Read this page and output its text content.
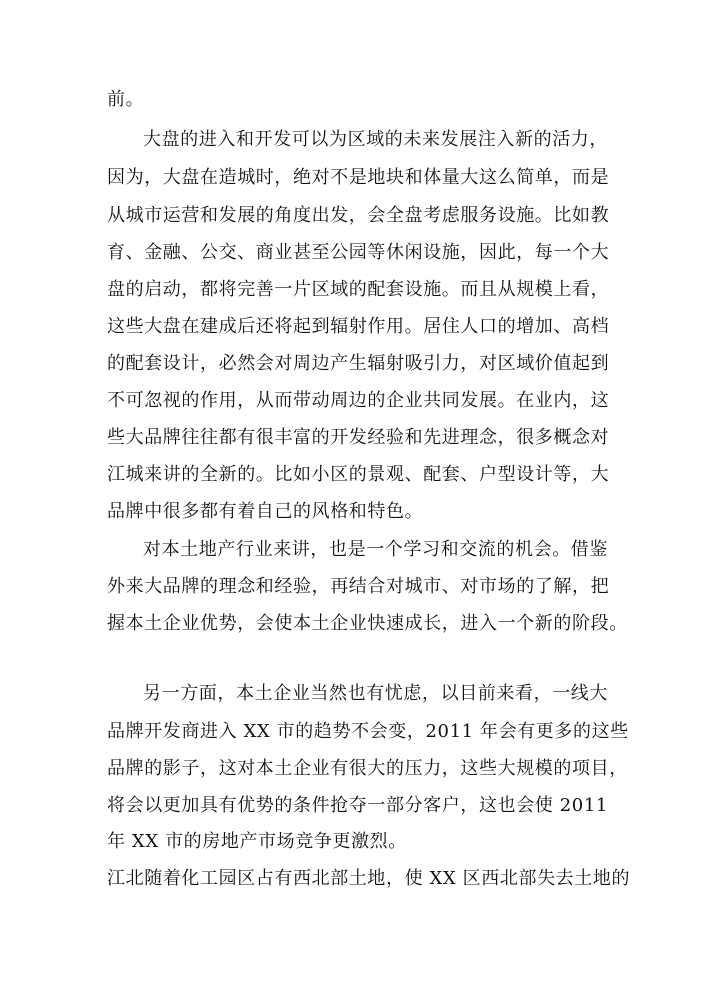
前。
大盘的进入和开发可以为区域的未来发展注入新的活力，
因为，大盘在造城时，绝对不是地块和体量大这么简单，而是
从城市运营和发展的角度出发，会全盘考虑服务设施。比如教
育、金融、公交、商业甚至公园等休闲设施，因此，每一个大
盘的启动，都将完善一片区域的配套设施。而且从规模上看，
这些大盘在建成后还将起到辐射作用。居住人口的增加、高档
的配套设计，必然会对周边产生辐射吸引力，对区域价值起到
不可忽视的作用，从而带动周边的企业共同发展。在业内，这
些大品牌往往都有很丰富的开发经验和先进理念，很多概念对
江城来讲的全新的。比如小区的景观、配套、户型设计等，大
品牌中很多都有着自己的风格和特色。
对本土地产行业来讲，也是一个学习和交流的机会。借鉴
外来大品牌的理念和经验，再结合对城市、对市场的了解，把
握本土企业优势，会使本土企业快速成长，进入一个新的阶段。
另一方面，本土企业当然也有忧虑，以目前来看，一线大
品牌开发商进入 XX 市的趋势不会变，2011 年会有更多的这些
品牌的影子，这对本土企业有很大的压力，这些大规模的项目，
将会以更加具有优势的条件抢夺一部分客户，这也会使 2011
年 XX 市的房地产市场竞争更激烈。
江北随着化工园区占有西北部土地，使 XX 区西北部失去土地的
